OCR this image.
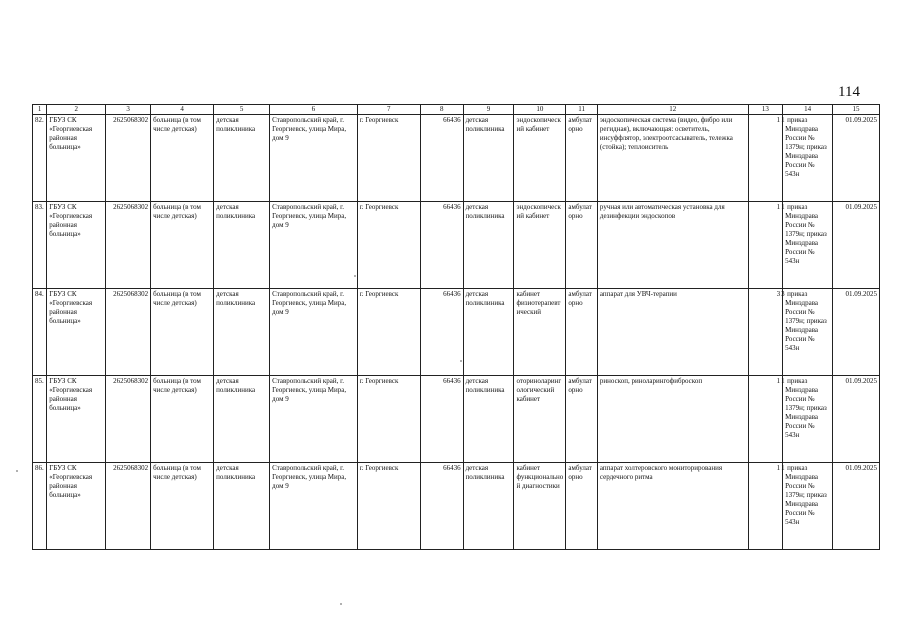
114
1	2	3	4	5	6	7	8	9	10	11	12	13	14	15
82.	ГБУЗ СК «Георгиевская районная больница»	2625068302	больница (в том числе детская)	детская поликлиника	Ставропольский край, г. Георгиевск, улица Мира, дом 9	г. Георгиевск	66436	детская поликлиника	эндоскопический кабинет	амбулаторно	эндоскопическая система (видео, фибро или регидная), включающая: осветитель, инсуффлятор, электроотсасыватель, тележка (стойка); теплоиситель	1	1 приказ Минздрава России № 1379н; приказ Минздрава России № 543н	01.09.2025
83.	ГБУЗ СК «Георгиевская районная больница»	2625068302	больница (в том числе детская)	детская поликлиника	Ставропольский край, г. Георгиевск, улица Мира, дом 9	г. Георгиевск	66436	детская поликлиника	эндоскопический кабинет	амбулаторно	ручная или автоматическая установка для дезинфекции эндоскопов	1	1 приказ Минздрава России № 1379н; приказ Минздрава России № 543н	01.09.2025
84.	ГБУЗ СК «Георгиевская районная больница»	2625068302	больница (в том числе детская)	детская поликлиника	Ставропольский край, г. Георгиевск, улица Мира, дом 9	г. Георгиевск	66436	детская поликлиника	кабинет физиотерапевтический	амбулаторно	аппарат для УВЧ-терапии	3	3 приказ Минздрава России № 1379н; приказ Минздрава России № 543н	01.09.2025
85.	ГБУЗ СК «Георгиевская районная больница»	2625068302	больница (в том числе детская)	детская поликлиника	Ставропольский край, г. Георгиевск, улица Мира, дом 9	г. Георгиевск	66436	детская поликлиника	оториноларингологический кабинет	амбулаторно	риноскоп, риноларингофиброскоп	1	1 приказ Минздрава России № 1379н; приказ Минздрава России № 543н	01.09.2025
86.	ГБУЗ СК «Георгиевская районная больница»	2625068302	больница (в том числе детская)	детская поликлиника	Ставропольский край, г. Георгиевск, улица Мира, дом 9	г. Георгиевск	66436	детская поликлиника	кабинет функциональной диагностики	амбулаторно	аппарат холтеровского мониторирования сердечного ритма	1	1 приказ Минздрава России № 1379н; приказ Минздрава России № 543н	01.09.2025
